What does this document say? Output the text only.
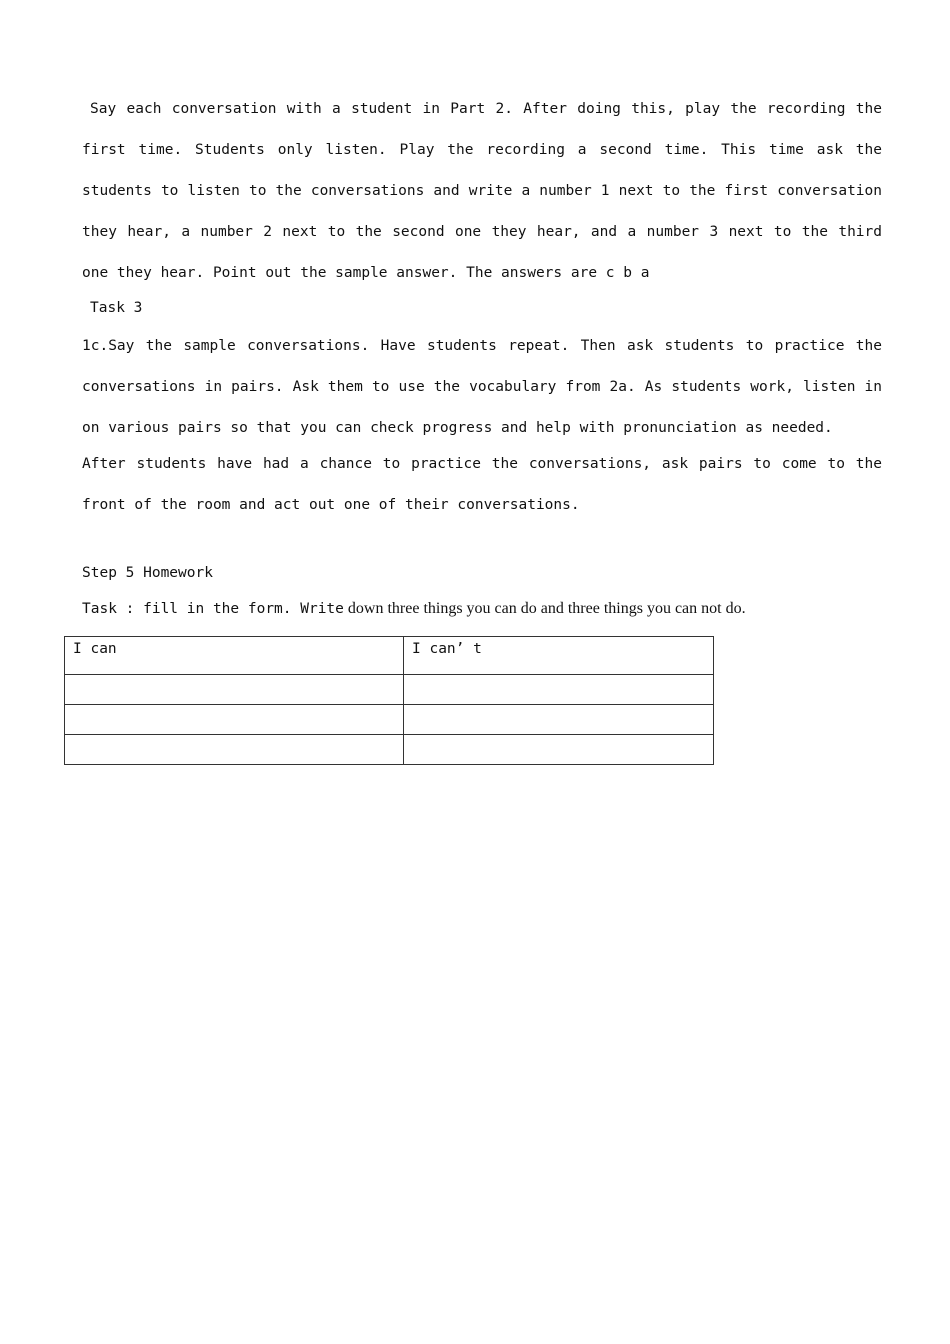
Say each conversation with a student in Part 2. After doing this, play the recording the first time. Students only listen. Play the recording a second time. This time ask the students to listen to the conversations and write a number 1 next to the first conversation they hear, a number 2 next to the second one they hear, and a number 3 next to the third one they hear. Point out the sample answer. The answers are c b a
Task 3
1c.Say the sample conversations. Have students repeat. Then ask students to practice the conversations in pairs. Ask them to use the vocabulary from 2a. As students work, listen in on various pairs so that you can check progress and help with pronunciation as needed.
After students have had a chance to practice the conversations, ask pairs to come to the front of the room and act out one of their conversations.
Step 5 Homework
Task : fill in the form. Write down three things you can do and three things you can not do.
I can	I can’ t
